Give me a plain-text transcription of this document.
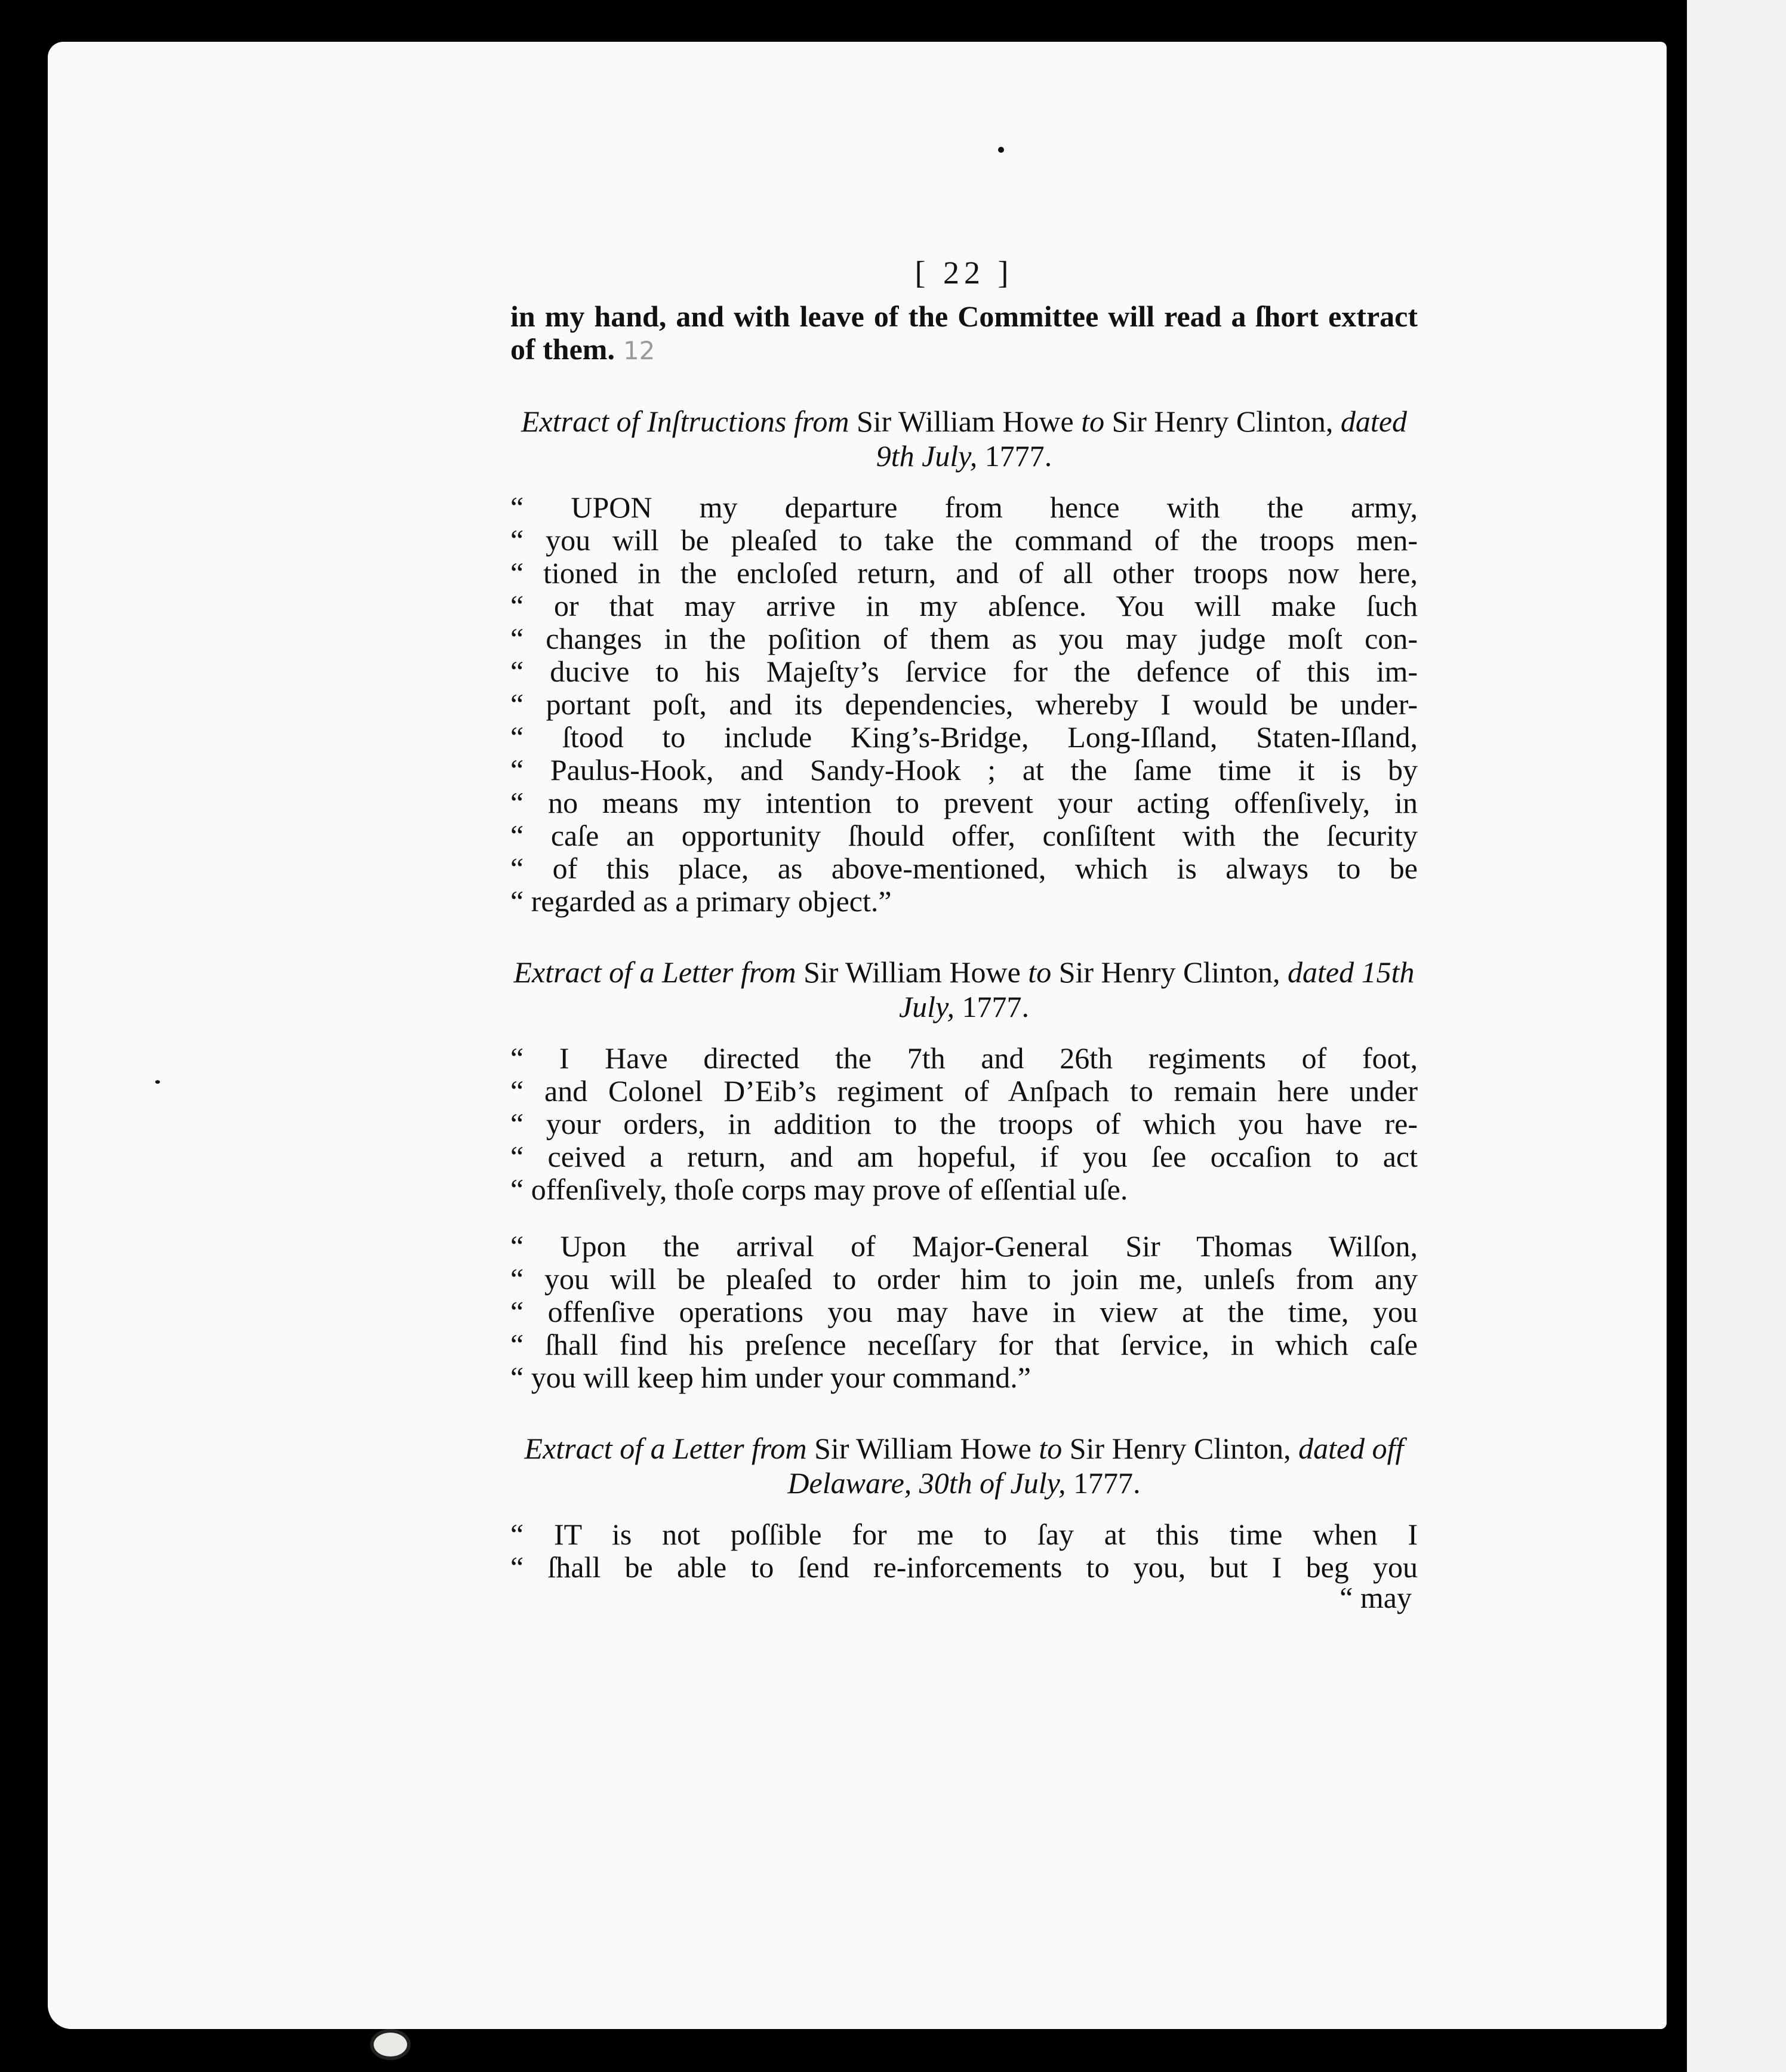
[ 22 ]

in my hand, and with leave of the Committee will read a ſhort extract of them. 12

Extract of Inſtructions from Sir William Howe to Sir Henry Clinton, dated 9th July, 1777.
“ UPON my departure from hence with the army,
“ you will be pleaſed to take the command of the troops men-
“ tioned in the encloſed return, and of all other troops now here,
“ or that may arrive in my abſence. You will make ſuch
“ changes in the poſition of them as you may judge moſt con-
“ ducive to his Majeſty’s ſervice for the defence of this im-
“ portant poſt, and its dependencies, whereby I would be under-
“ ſtood to include King’s-Bridge, Long-Iſland, Staten-Iſland,
“ Paulus-Hook, and Sandy-Hook ; at the ſame time it is by
“ no means my intention to prevent your acting offenſively, in
“ caſe an opportunity ſhould offer, conſiſtent with the ſecurity
“ of this place, as above-mentioned, which is always to be
“ regarded as a primary object.”
Extract of a Letter from Sir William Howe to Sir Henry Clinton, dated 15th July, 1777.
“ I Have directed the 7th and 26th regiments of foot,
“ and Colonel D’Eib’s regiment of Anſpach to remain here under
“ your orders, in addition to the troops of which you have re-
“ ceived a return, and am hopeful, if you ſee occaſion to act
“ offenſively, thoſe corps may prove of eſſential uſe.
“ Upon the arrival of Major-General Sir Thomas Wilſon,
“ you will be pleaſed to order him to join me, unleſs from any
“ offenſive operations you may have in view at the time, you
“ ſhall find his preſence neceſſary for that ſervice, in which caſe
“ you will keep him under your command.”
Extract of a Letter from Sir William Howe to Sir Henry Clinton, dated off Delaware, 30th of July, 1777.
“ IT is not poſſible for me to ſay at this time when I
“ ſhall be able to ſend re-inforcements to you, but I beg you
“ may
